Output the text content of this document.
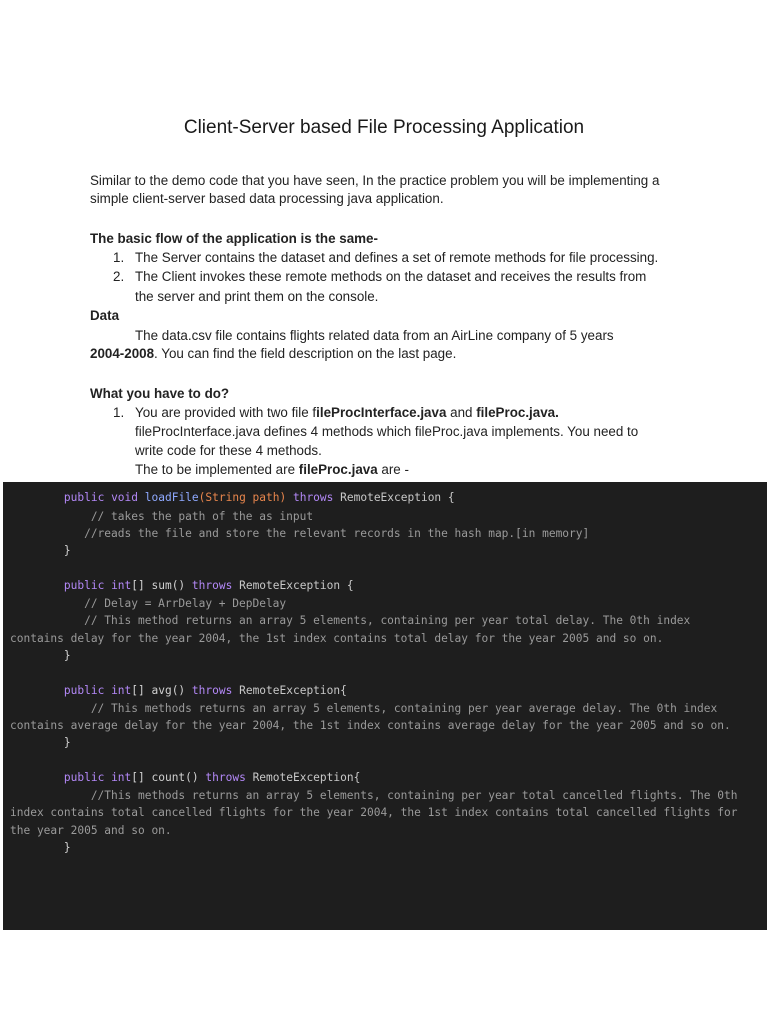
Client-Server based File Processing Application
Similar to the demo code that you have seen, In the practice problem you will be implementing a
simple client-server based data processing java application.
The basic flow of the application is the same-
1. The Server contains the dataset and defines a set of remote methods for file processing.
2. The Client invokes these remote methods on the dataset and receives the results from
the server and print them on the console.
Data
The data.csv file contains flights related data from an AirLine company of 5 years
2004-2008. You can find the field description on the last page.
What you have to do?
1. You are provided with two file fileProcInterface.java and fileProc.java.
fileProcInterface.java defines 4 methods which fileProc.java implements. You need to
write code for these 4 methods.
The to be implemented are fileProc.java are -
public void loadFile(String path) throws RemoteException {
// takes the path of the as input
//reads the file and store the relevant records in the hash map.[in memory]
}
public int[] sum() throws RemoteException {
// Delay = ArrDelay + DepDelay
// This method returns an array 5 elements, containing per year total delay. The 0th index
contains delay for the year 2004, the 1st index contains total delay for the year 2005 and so on.
}
public int[] avg() throws RemoteException{
// This methods returns an array 5 elements, containing per year average delay. The 0th index
contains average delay for the year 2004, the 1st index contains average delay for the year 2005 and so on.
}
public int[] count() throws RemoteException{
//This methods returns an array 5 elements, containing per year total cancelled flights. The 0th
index contains total cancelled flights for the year 2004, the 1st index contains total cancelled flights for
the year 2005 and so on.
}
